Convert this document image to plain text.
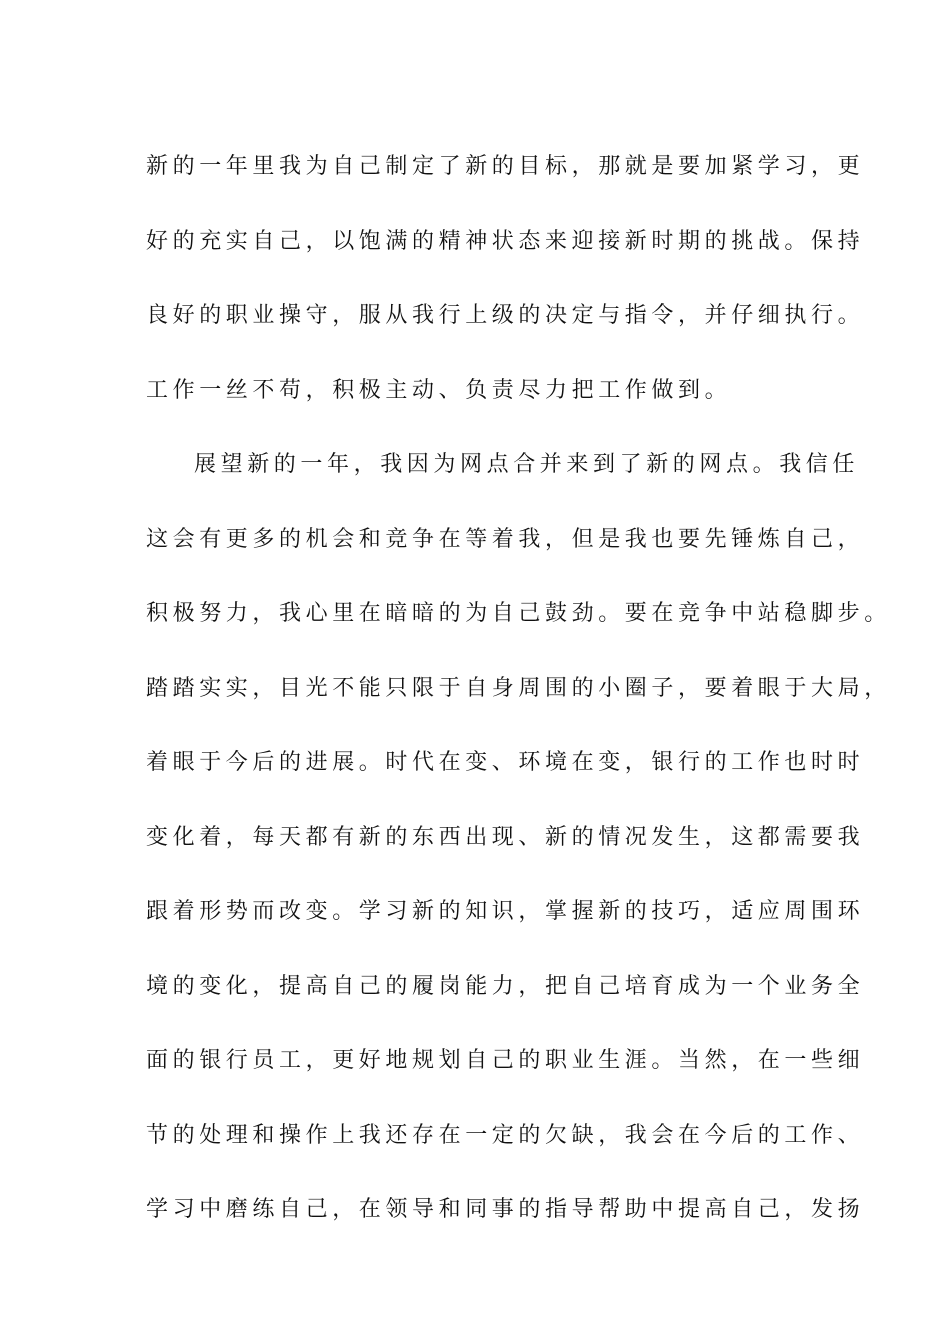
新的一年里我为自己制定了新的目标，那就是要加紧学习，更
好的充实自己，以饱满的精神状态来迎接新时期的挑战。保持
良好的职业操守，服从我行上级的决定与指令，并仔细执行。
工作一丝不苟，积极主动、负责尽力把工作做到。
展望新的一年，我因为网点合并来到了新的网点。我信任
这会有更多的机会和竞争在等着我，但是我也要先锤炼自己，
积极努力，我心里在暗暗的为自己鼓劲。要在竞争中站稳脚步。
踏踏实实，目光不能只限于自身周围的小圈子，要着眼于大局，
着眼于今后的进展。时代在变、环境在变，银行的工作也时时
变化着，每天都有新的东西出现、新的情况发生，这都需要我
跟着形势而改变。学习新的知识，掌握新的技巧，适应周围环
境的变化，提高自己的履岗能力，把自己培育成为一个业务全
面的银行员工，更好地规划自己的职业生涯。当然，在一些细
节的处理和操作上我还存在一定的欠缺，我会在今后的工作、
学习中磨练自己，在领导和同事的指导帮助中提高自己，发扬
